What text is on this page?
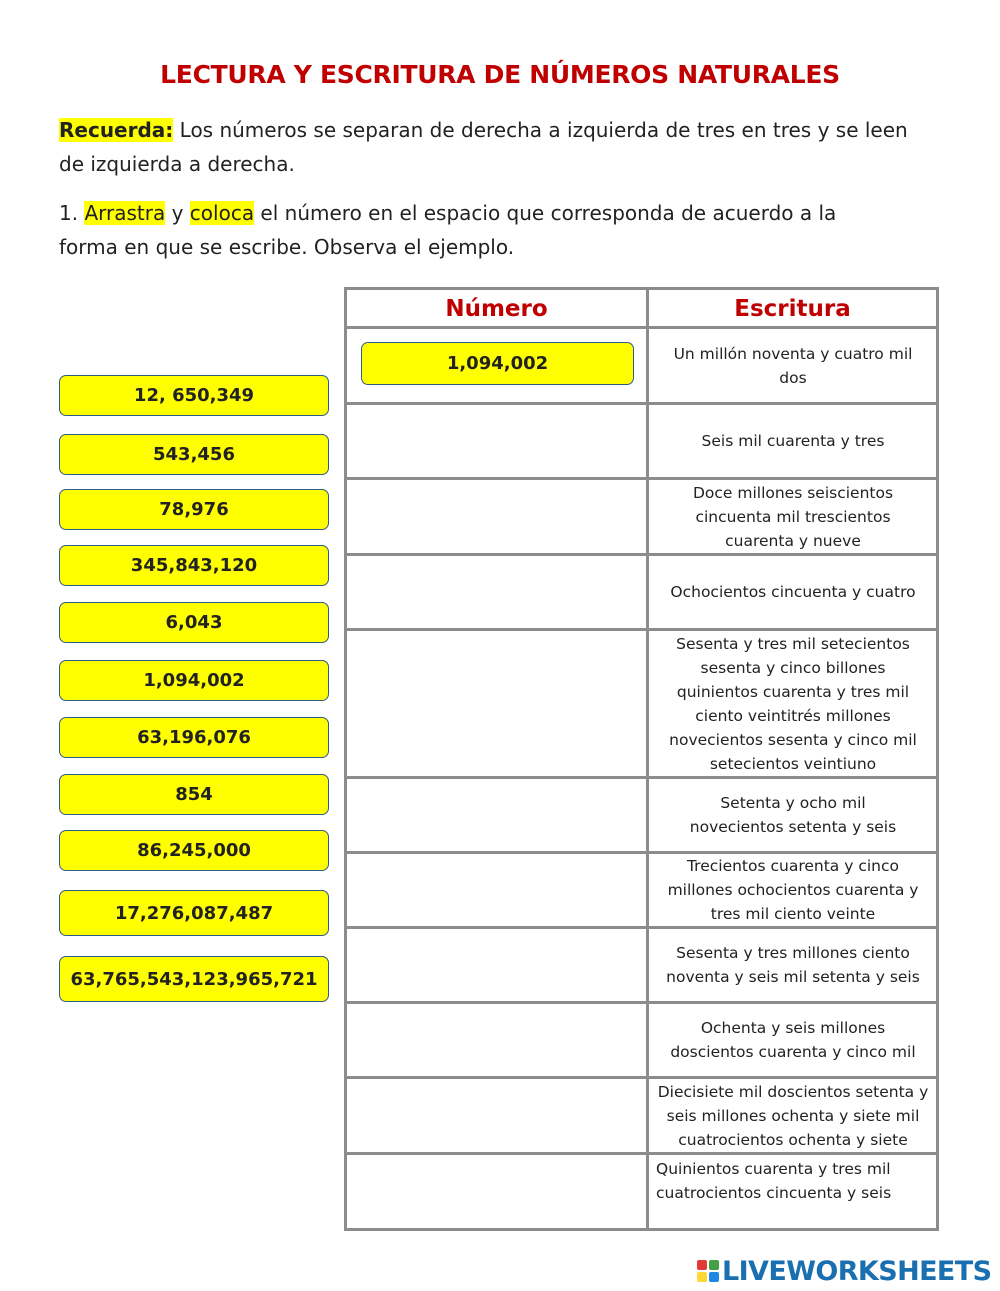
LECTURA Y ESCRITURA DE NÚMEROS NATURALES
Recuerda: Los números se separan de derecha a izquierda de tres en tres y se leen
de izquierda a derecha.
1. Arrastra y coloca el número en el espacio que corresponda de acuerdo a la
forma en que se escribe. Observa el ejemplo.
12, 650,349
543,456
78,976
345,843,120
6,043
1,094,002
63,196,076
854
86,245,000
17,276,087,487
63,765,543,123,965,721
Número	Escritura
1,094,002	Un millón noventa y cuatro mil dos
Seis mil cuarenta y tres
Doce millones seiscientos cincuenta mil trescientos cuarenta y nueve
Ochocientos cincuenta y cuatro
Sesenta y tres mil setecientos sesenta y cinco billones quinientos cuarenta y tres mil ciento veintitrés millones novecientos sesenta y cinco mil setecientos veintiuno
Setenta y ocho mil novecientos setenta y seis
Trecientos cuarenta y cinco millones ochocientos cuarenta y tres mil ciento veinte
Sesenta y tres millones ciento noventa y seis mil setenta y seis
Ochenta y seis millones doscientos cuarenta y cinco mil
Diecisiete mil doscientos setenta y seis millones ochenta y siete mil cuatrocientos ochenta y siete
Quinientos cuarenta y tres mil cuatrocientos cincuenta y seis
LIVEWORKSHEETS
